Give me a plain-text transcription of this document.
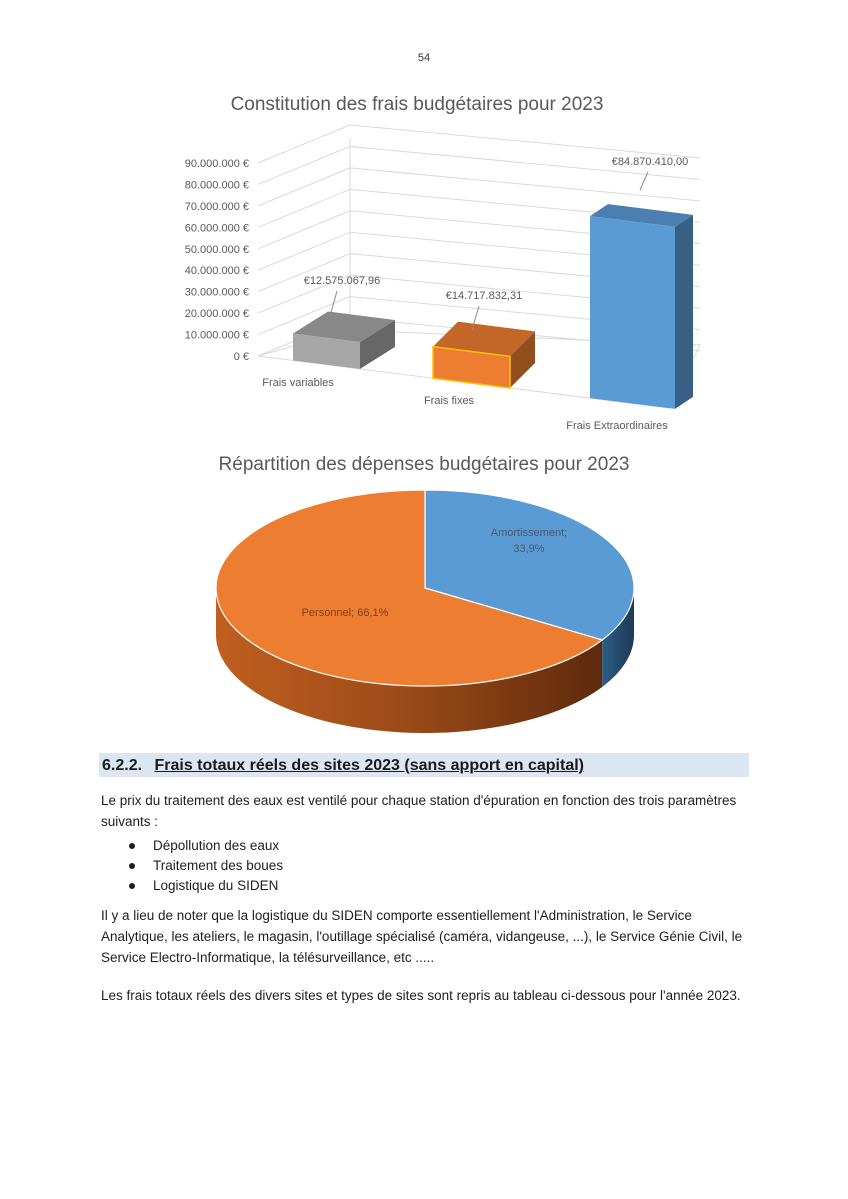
54
Constitution des frais budgétaires pour 2023
0 €
10.000.000 €
20.000.000 €
30.000.000 €
40.000.000 €
50.000.000 €
60.000.000 €
70.000.000 €
80.000.000 €
90.000.000 €
€12.575.067,96
€14.717.832,31
€84.870.410,00
Frais variables
Frais fixes
Frais Extraordinaires
Répartition des dépenses budgétaires pour 2023
Amortissement;
33,9%
Personnel; 66,1%
6.2.2. Frais totaux réels des sites 2023 (sans apport en capital)
Le prix du traitement des eaux est ventilé pour chaque station d'épuration en fonction des trois paramètres suivants :
Dépollution des eaux
Traitement des boues
Logistique du SIDEN
Il y a lieu de noter que la logistique du SIDEN comporte essentiellement l'Administration, le Service Analytique, les ateliers, le magasin, l'outillage spécialisé (caméra, vidangeuse, ...), le Service Génie Civil, le Service Electro-Informatique, la télésurveillance, etc .....
Les frais totaux réels des divers sites et types de sites sont repris au tableau ci-dessous pour l'année 2023.
